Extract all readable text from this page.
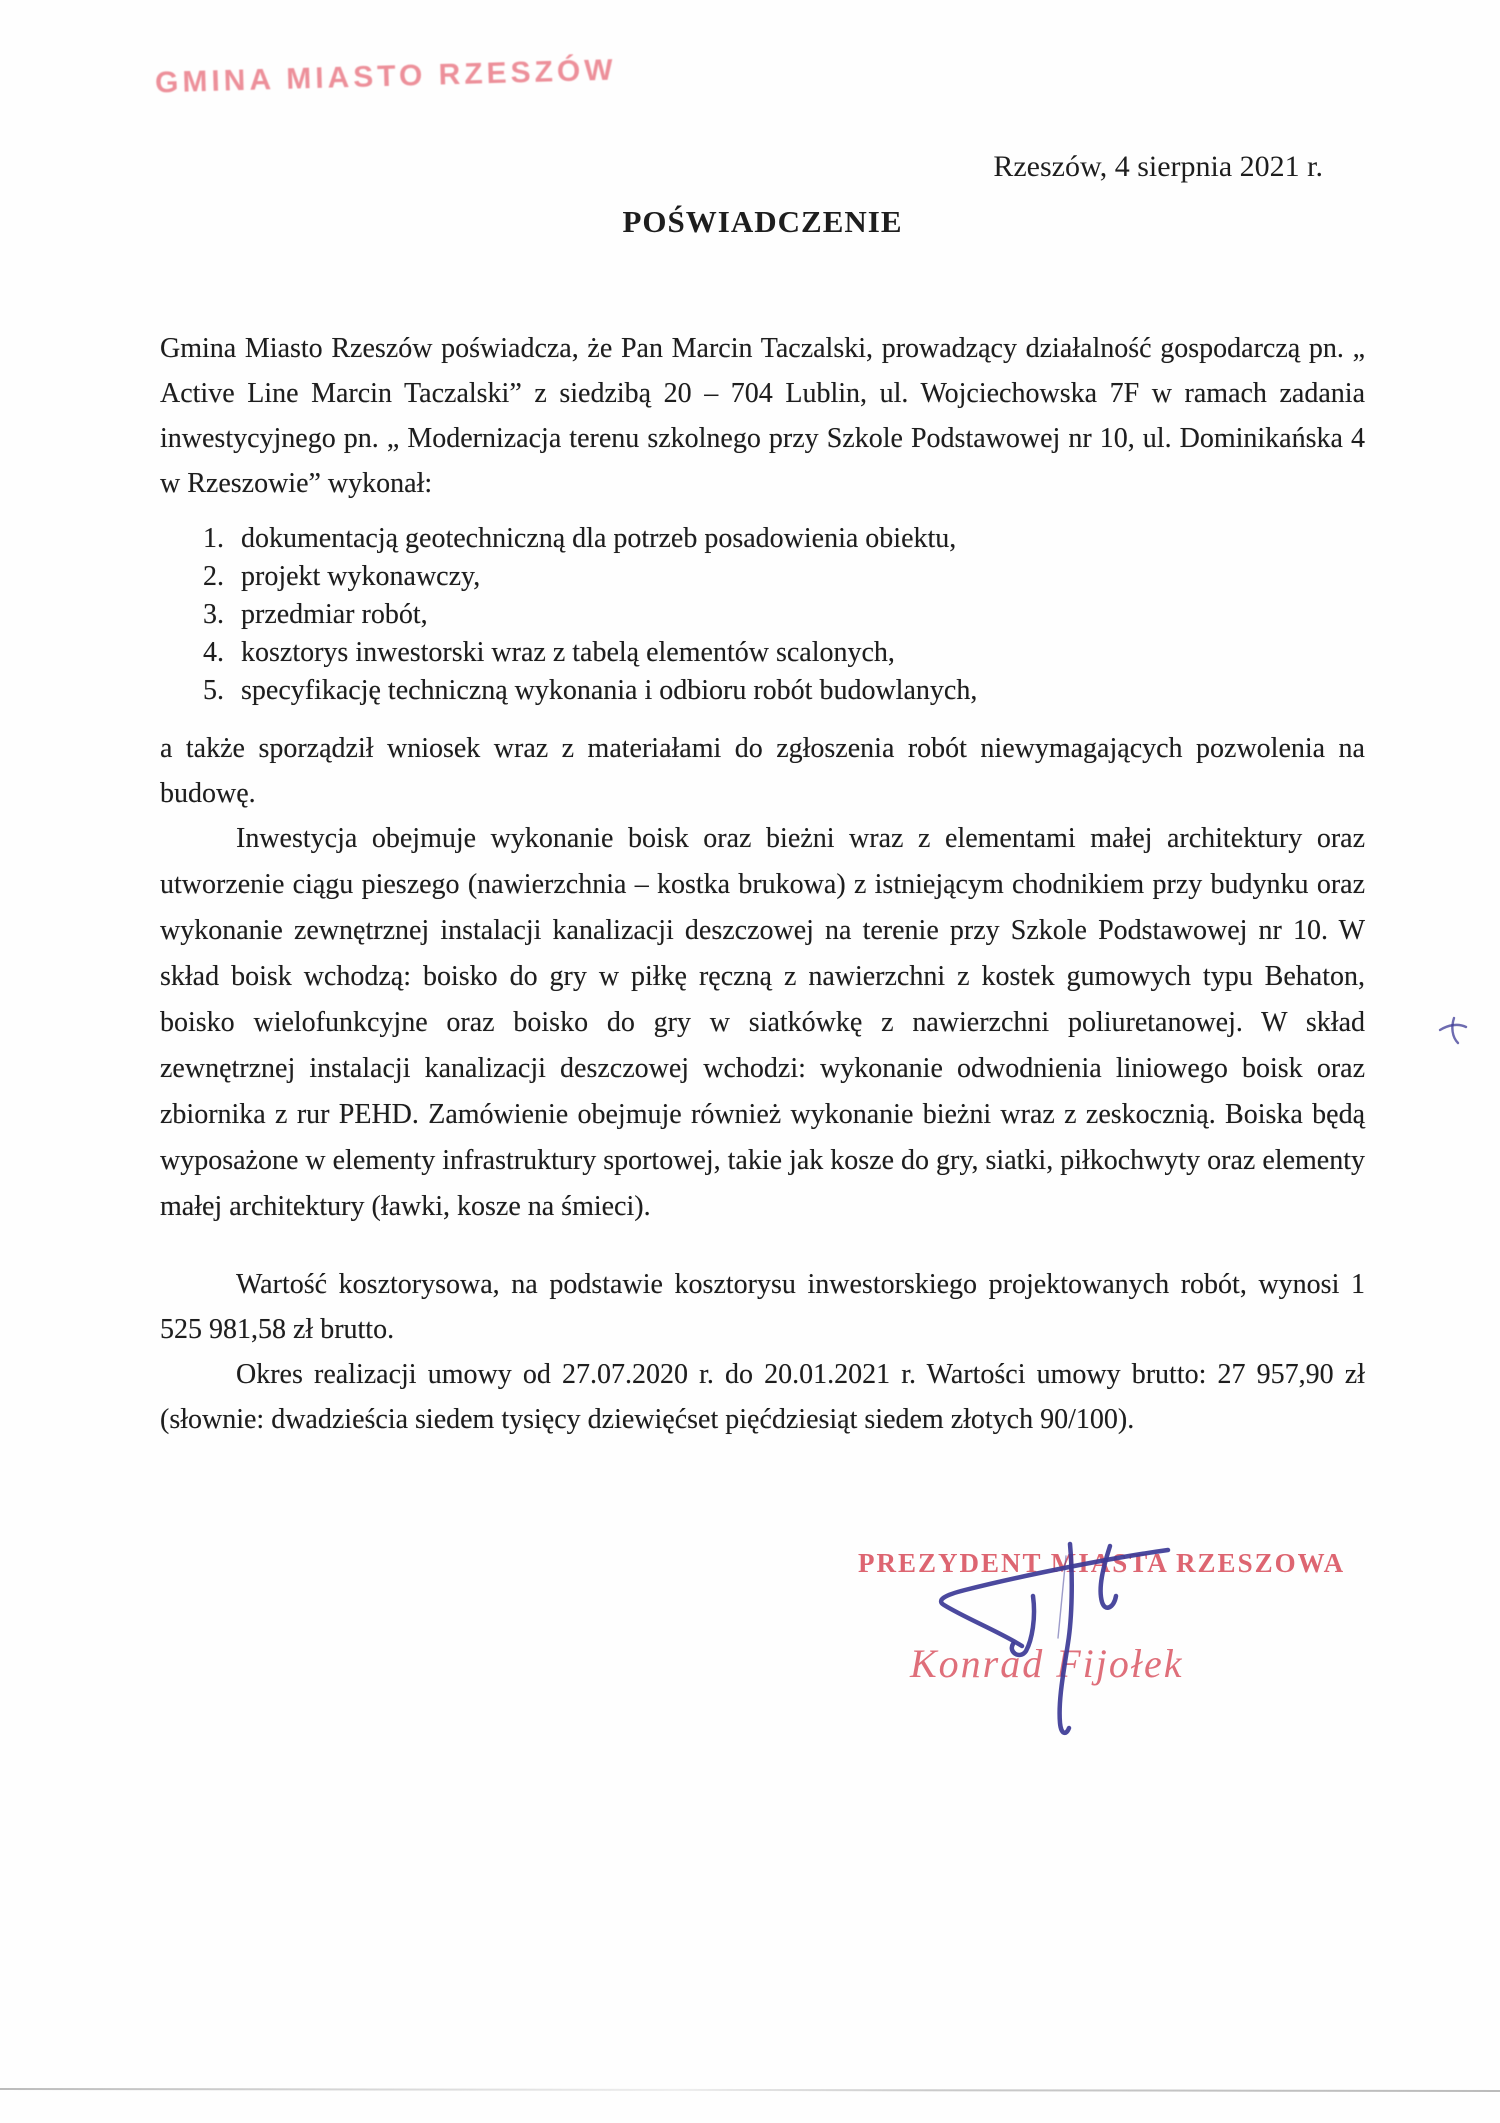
GMINA MIASTO RZESZÓW
Rzeszów, 4 sierpnia 2021 r.
POŚWIADCZENIE

Gmina Miasto Rzeszów poświadcza, że Pan Marcin Taczalski, prowadzący działalność gospodarczą pn. „ Active Line Marcin Taczalski” z siedzibą 20 – 704 Lublin, ul. Wojciechowska 7F w ramach zadania inwestycyjnego pn. „ Modernizacja terenu szkolnego przy Szkole Podstawowej nr 10, ul. Dominikańska 4 w Rzeszowie” wykonał:

1. dokumentacją geotechniczną dla potrzeb posadowienia obiektu,
2. projekt wykonawczy,
3. przedmiar robót,
4. kosztorys inwestorski wraz z tabelą elementów scalonych,
5. specyfikację techniczną wykonania i odbioru robót budowlanych,

a także sporządził wniosek wraz z materiałami do zgłoszenia robót niewymagających pozwolenia na budowę.

Inwestycja obejmuje wykonanie boisk oraz bieżni wraz z elementami małej architektury oraz utworzenie ciągu pieszego (nawierzchnia – kostka brukowa) z istniejącym chodnikiem przy budynku oraz wykonanie zewnętrznej instalacji kanalizacji deszczowej na terenie przy Szkole Podstawowej nr 10. W skład boisk wchodzą: boisko do gry w piłkę ręczną z nawierzchni z kostek gumowych typu Behaton, boisko wielofunkcyjne oraz boisko do gry w siatkówkę z nawierzchni poliuretanowej. W skład zewnętrznej instalacji kanalizacji deszczowej wchodzi: wykonanie odwodnienia liniowego boisk oraz zbiornika z rur PEHD. Zamówienie obejmuje również wykonanie bieżni wraz z zeskocznią. Boiska będą wyposażone w elementy infrastruktury sportowej, takie jak kosze do gry, siatki, piłkochwyty oraz elementy małej architektury (ławki, kosze na śmieci).

Wartość kosztorysowa, na podstawie kosztorysu inwestorskiego projektowanych robót, wynosi 1 525 981,58 zł brutto.

Okres realizacji umowy od 27.07.2020 r. do 20.01.2021 r. Wartości umowy brutto: 27 957,90 zł (słownie: dwadzieścia siedem tysięcy dziewięćset pięćdziesiąt siedem złotych 90/100).

PREZYDENT MIASTA RZESZOWA
Konrad Fijołek
